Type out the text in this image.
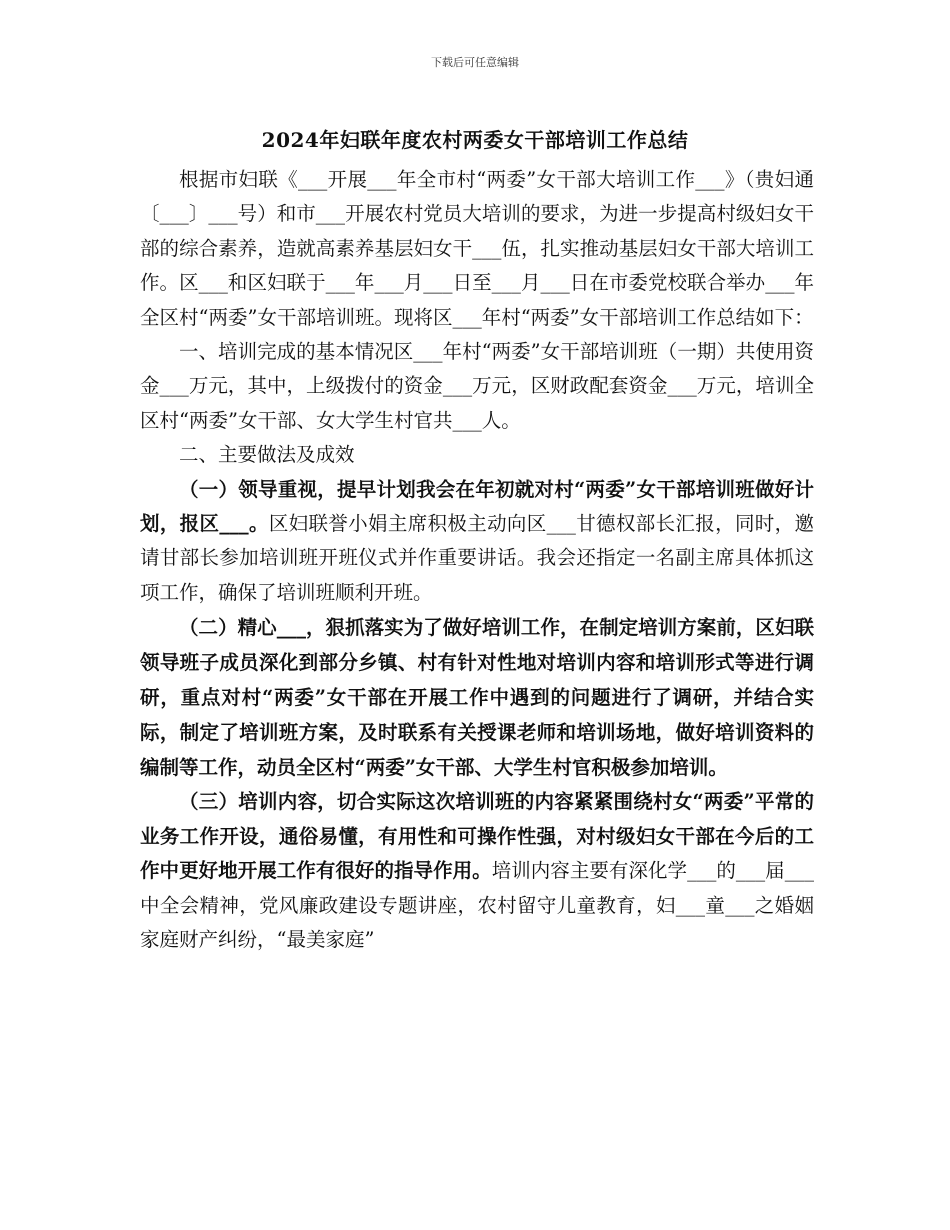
下载后可任意编辑
2024年妇联年度农村两委女干部培训工作总结

根据市妇联《___开展___年全市村“两委”女干部大培训工作___》（贵妇通〔___〕___号）和市___开展农村党员大培训的要求，为进一步提高村级妇女干部的综合素养，造就高素养基层妇女干___伍，扎实推动基层妇女干部大培训工作。区___和区妇联于___年___月___日至___月___日在市委党校联合举办___年全区村“两委”女干部培训班。现将区___年村“两委”女干部培训工作总结如下：

一、培训完成的基本情况区___年村“两委”女干部培训班（一期）共使用资金___万元，其中，上级拨付的资金___万元，区财政配套资金___万元，培训全区村“两委”女干部、女大学生村官共___人。

二、主要做法及成效

（一）领导重视，提早计划我会在年初就对村“两委”女干部培训班做好计划，报区___。区妇联誉小娟主席积极主动向区___甘德权部长汇报，同时，邀请甘部长参加培训班开班仪式并作重要讲话。我会还指定一名副主席具体抓这项工作，确保了培训班顺利开班。

（二）精心___，狠抓落实为了做好培训工作，在制定培训方案前，区妇联领导班子成员深化到部分乡镇、村有针对性地对培训内容和培训形式等进行调研，重点对村“两委”女干部在开展工作中遇到的问题进行了调研，并结合实际，制定了培训班方案，及时联系有关授课老师和培训场地，做好培训资料的编制等工作，动员全区村“两委”女干部、大学生村官积极参加培训。

（三）培训内容，切合实际这次培训班的内容紧紧围绕村女“两委”平常的业务工作开设，通俗易懂，有用性和可操作性强，对村级妇女干部在今后的工作中更好地开展工作有很好的指导作用。培训内容主要有深化学___的___届___中全会精神，党风廉政建设专题讲座，农村留守儿童教育，妇___童___之婚姻家庭财产纠纷，“最美家庭”
